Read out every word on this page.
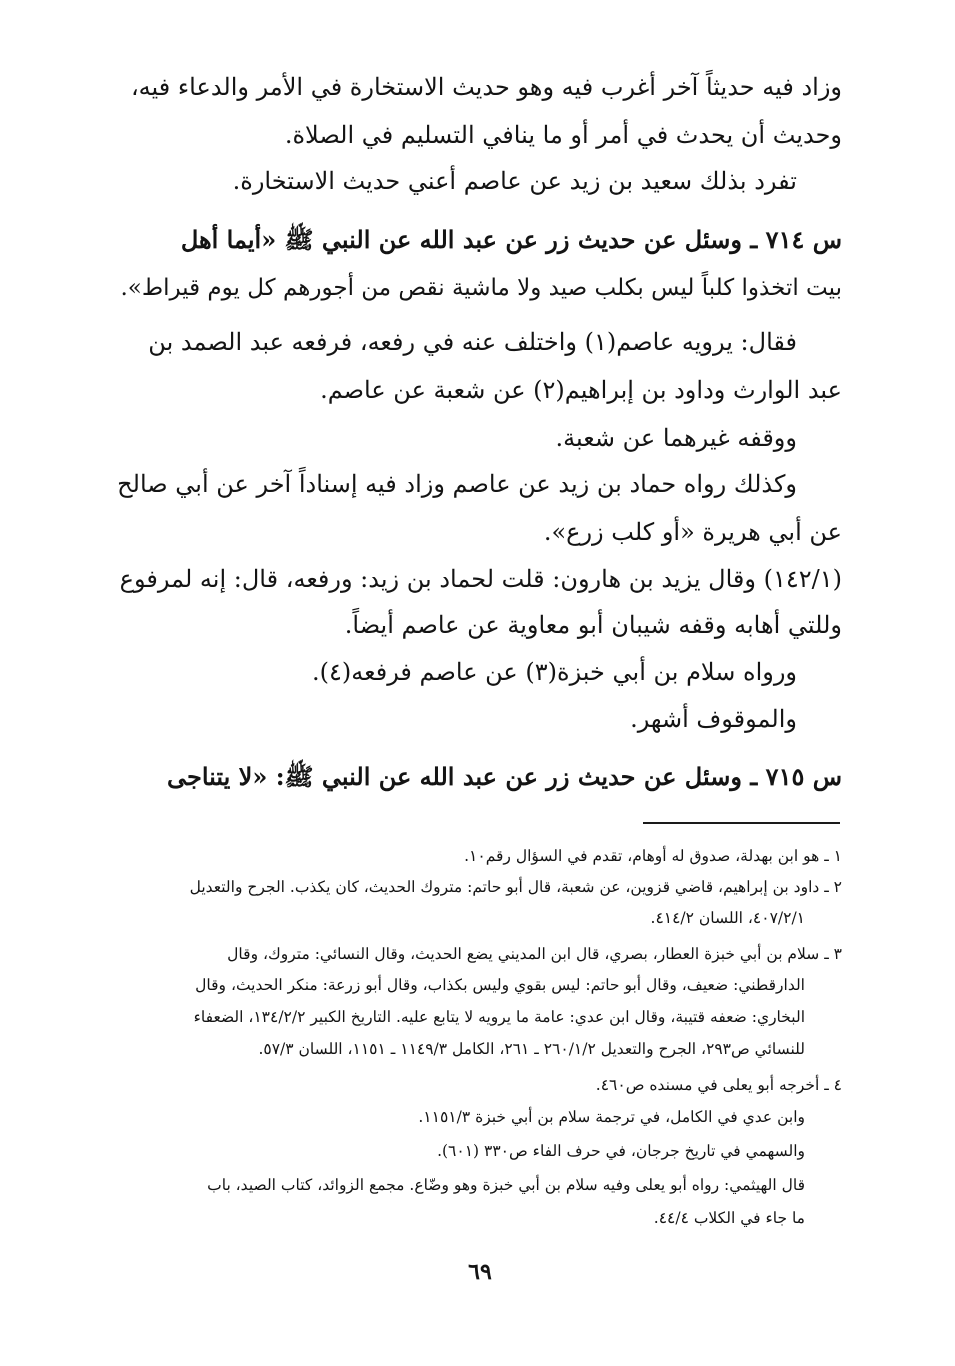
وزاد فيه حديثاً آخر أغرب فيه وهو حديث الاستخارة في الأمر والدعاء فيه،
وحديث أن يحدث في أمر أو ما ينافي التسليم في الصلاة.
تفرد بذلك سعيد بن زيد عن عاصم أعني حديث الاستخارة.
س ٧١٤ ـ وسئل عن حديث زر عن عبد الله عن النبي ﷺ «أيما أهل
بيت اتخذوا كلباً ليس بكلب صيد ولا ماشية نقص من أجورهم كل يوم قيراط».
فقال: يرويه عاصم(١) واختلف عنه في رفعه، فرفعه عبد الصمد بن
عبد الوارث وداود بن إبراهيم(٢) عن شعبة عن عاصم.
ووقفه غيرهما عن شعبة.
وكذلك رواه حماد بن زيد عن عاصم وزاد فيه إسناداً آخر عن أبي صالح
عن أبي هريرة «أو كلب زرع».
(١٤٢/١) وقال يزيد بن هارون: قلت لحماد بن زيد: ورفعه، قال: إنه لمرفوع
وللتي أهابه وقفه شيبان أبو معاوية عن عاصم أيضاً.
ورواه سلام بن أبي خبزة(٣) عن عاصم فرفعه(٤).
والموقوف أشهر.
س ٧١٥ ـ وسئل عن حديث زر عن عبد الله عن النبي ﷺ: «لا يتناجى
١ ـ هو ابن بهدلة، صدوق له أوهام، تقدم في السؤال رقم١٠.
٢ ـ داود بن إبراهيم، قاضي قزوين، عن شعبة، قال أبو حاتم: متروك الحديث، كان يكذب. الجرح والتعديل
٤٠٧/٢/١، اللسان ٤١٤/٢.
٣ ـ سلام بن أبي خبزة العطار، بصري، قال ابن المديني يضع الحديث، وقال النسائي: متروك، وقال
الدارقطني: ضعيف، وقال أبو حاتم: ليس بقوي وليس بكذاب، وقال أبو زرعة: منكر الحديث، وقال
البخاري: ضعفه قتيبة، وقال ابن عدي: عامة ما يرويه لا يتابع عليه. التاريخ الكبير ١٣٤/٢/٢، الضعفاء
للنسائي ص٢٩٣، الجرح والتعديل ٢٦٠/١/٢ ـ ٢٦١، الكامل ١١٤٩/٣ ـ ١١٥١، اللسان ٥٧/٣.
٤ ـ أخرجه أبو يعلى في مسنده ص٤٦٠.
وابن عدي في الكامل، في ترجمة سلام بن أبي خبزة ١١٥١/٣.
والسهمي في تاريخ جرجان، في حرف الفاء ص٣٣٠ (٦٠١).
قال الهيثمي: رواه أبو يعلى وفيه سلام بن أبي خبزة وهو وضّاع. مجمع الزوائد، كتاب الصيد، باب
ما جاء في الكلاب ٤٤/٤.
٦٩
